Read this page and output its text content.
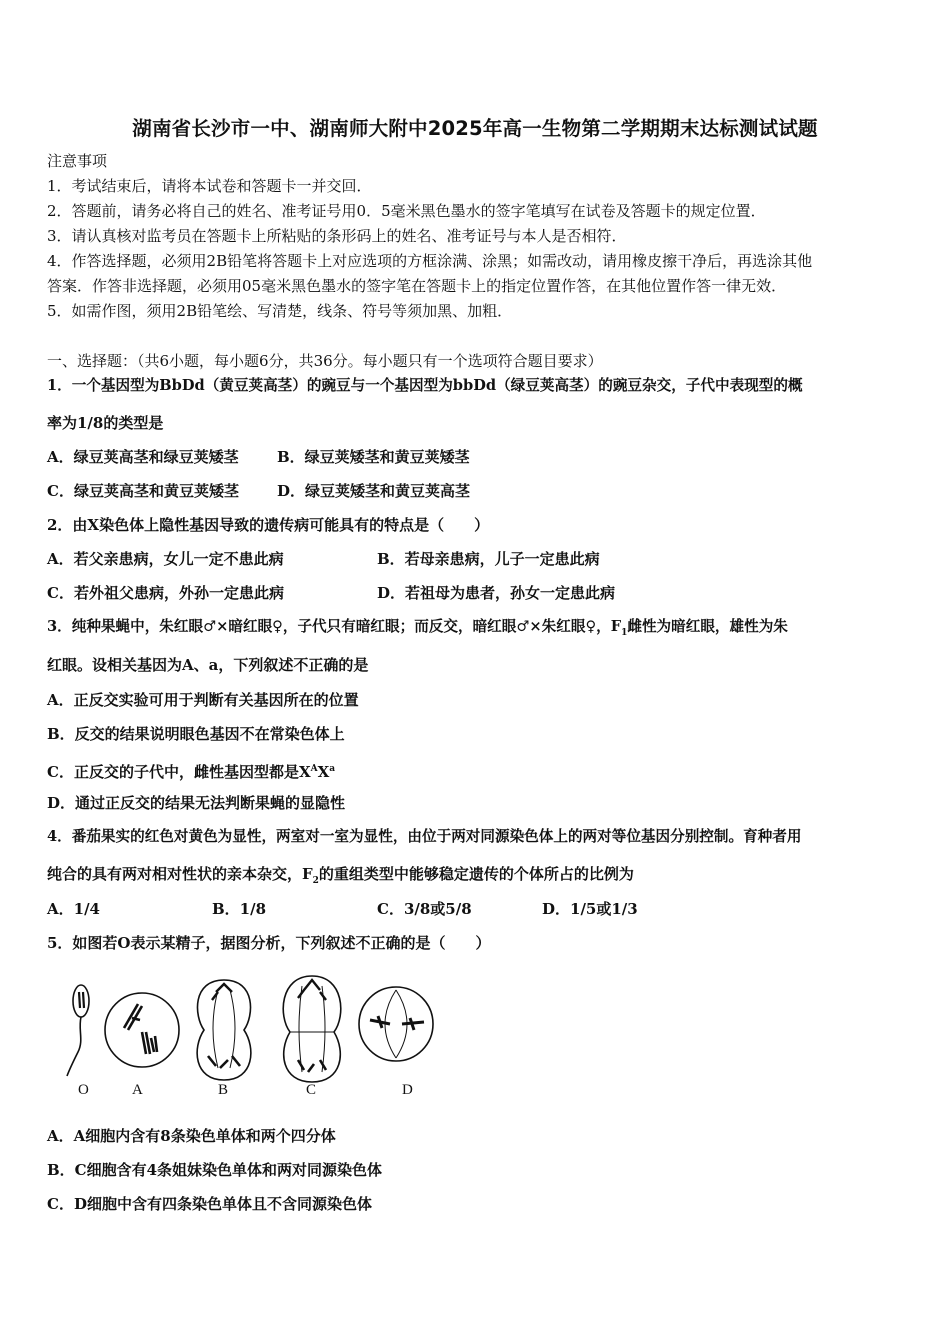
湖南省长沙市一中、湖南师大附中2025年高一生物第二学期期末达标测试试题
注意事项
1．考试结束后，请将本试卷和答题卡一并交回．
2．答题前，请务必将自己的姓名、准考证号用0．5毫米黑色墨水的签字笔填写在试卷及答题卡的规定位置．
3．请认真核对监考员在答题卡上所粘贴的条形码上的姓名、准考证号与本人是否相符．
4．作答选择题，必须用2B铅笔将答题卡上对应选项的方框涂满、涂黑；如需改动，请用橡皮擦干净后，再选涂其他
答案．作答非选择题，必须用05毫米黑色墨水的签字笔在答题卡上的指定位置作答，在其他位置作答一律无效．
5．如需作图，须用2B铅笔绘、写清楚，线条、符号等须加黑、加粗．
一、选择题：（共6小题，每小题6分，共36分。每小题只有一个选项符合题目要求）
1．一个基因型为BbDd（黄豆荚高茎）的豌豆与一个基因型为bbDd（绿豆荚高茎）的豌豆杂交，子代中表现型的概
率为1/8的类型是
A．绿豆荚高茎和绿豆荚矮茎	B．绿豆荚矮茎和黄豆荚矮茎
C．绿豆荚高茎和黄豆荚矮茎	D．绿豆荚矮茎和黄豆荚高茎
2．由X染色体上隐性基因导致的遗传病可能具有的特点是（　　）
A．若父亲患病，女儿一定不患此病	B．若母亲患病，儿子一定患此病
C．若外祖父患病，外孙一定患此病	D．若祖母为患者，孙女一定患此病
3．纯种果蝇中，朱红眼♂×暗红眼♀，子代只有暗红眼；而反交，暗红眼♂×朱红眼♀，$F_1$雌性为暗红眼，雄性为朱
红眼。设相关基因为A、a，下列叙述不正确的是
A．正反交实验可用于判断有关基因所在的位置
B．反交的结果说明眼色基因不在常染色体上
C．正反交的子代中，雌性基因型都是$X^AX^a$
D．通过正反交的结果无法判断果蝇的显隐性
4．番茄果实的红色对黄色为显性，两室对一室为显性，由位于两对同源染色体上的两对等位基因分别控制。育种者用
纯合的具有两对相对性状的亲本杂交，$F_2$的重组类型中能够稳定遗传的个体所占的比例为
A．1/4	B．1/8	C．3/8或5/8	D．1/5或1/3
5．如图若O表示某精子，据图分析，下列叙述不正确的是（　　）
O	A	B	C	D
A．A细胞内含有8条染色单体和两个四分体
B．C细胞含有4条姐妹染色单体和两对同源染色体
C．D细胞中含有四条染色单体且不含同源染色体
